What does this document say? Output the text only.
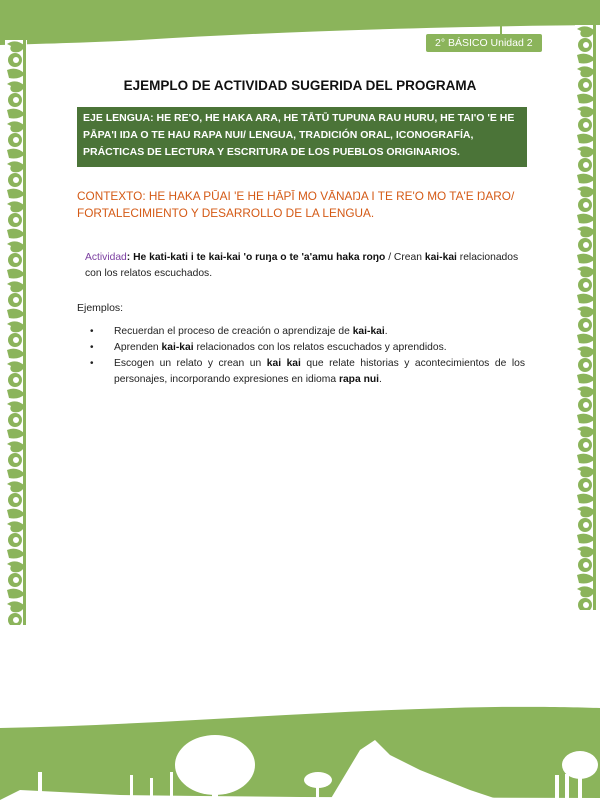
2° BÁSICO Unidad 2
EJEMPLO DE ACTIVIDAD SUGERIDA DEL PROGRAMA
EJE LENGUA: HE RE'O, HE HAKA ARA, HE TĀTŪ TUPUNA RAU HURU, HE TAI'O 'E HE PĀPA'I IŊA O TE HAU RAPA NUI/ LENGUA, TRADICIÓN ORAL, ICONOGRAFÍA, PRÁCTICAS DE LECTURA Y ESCRITURA DE LOS PUEBLOS ORIGINARIOS.
CONTEXTO: HE HAKA PŪAI 'E HE HĀPĪ MO VĀNAŊA I TE RE'O MO TA'E ŊARO/ FORTALECIMIENTO Y DESARROLLO DE LA LENGUA.
Actividad: He kati-kati i te kai-kai 'o ruŋa o te 'a'amu haka roŋo / Crean kai-kai relacionados con los relatos escuchados.
Ejemplos:
• Recuerdan el proceso de creación o aprendizaje de kai-kai.
• Aprenden kai-kai relacionados con los relatos escuchados y aprendidos.
• Escogen un relato y crean un kai kai que relate historias y acontecimientos de los personajes, incorporando expresiones en idioma rapa nui.
